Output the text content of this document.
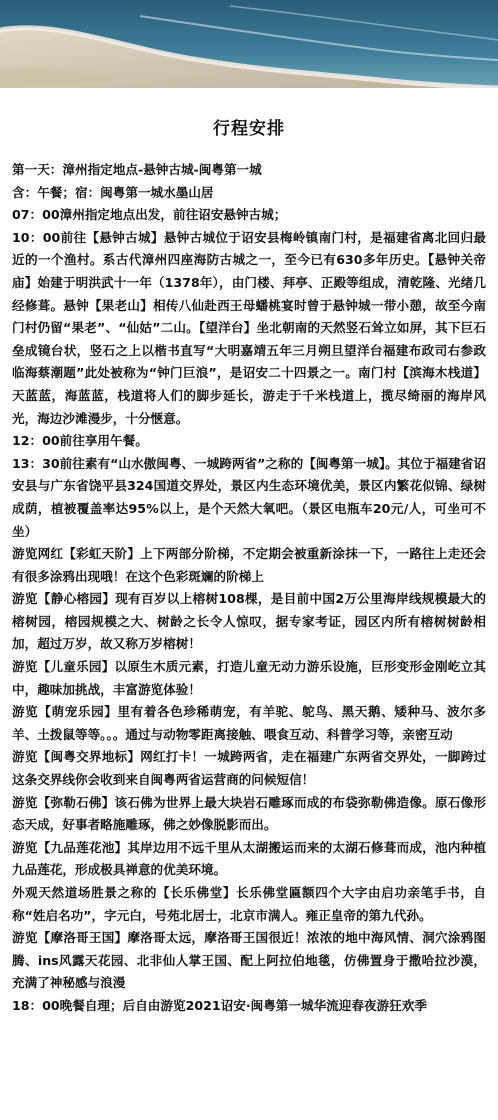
行程安排

第一天：漳州指定地点-悬钟古城-闽粤第一城

含：午餐；宿：闽粤第一城水墨山居

07：00漳州指定地点出发，前往诏安悬钟古城；

10：00前往【悬钟古城】悬钟古城位于诏安县梅岭镇南门村，是福建省离北回归最近的一个渔村。系古代漳州四座海防古城之一，至今已有630多年历史。【悬钟关帝庙】始建于明洪武十一年（1378年），由门楼、拜亭、正殿等组成，清乾隆、光绪几经修葺。悬钟【果老山】相传八仙赴西王母蟠桃宴时曾于悬钟城一带小憩，故至今南门村仍留“果老”、“仙姑”二山。【望洋台】坐北朝南的天然竖石耸立如屏，其下巨石垒成镜台状，竖石之上以楷书直写“大明嘉靖五年三月朔旦望洋台福建布政司右参政临海蔡潮题”此处被称为“钟门巨浪”，是诏安二十四景之一。南门村【滨海木栈道】天蓝蓝，海蓝蓝，栈道将人们的脚步延长，游走于千米栈道上，揽尽绮丽的海岸风光，海边沙滩漫步，十分惬意。

12：00前往享用午餐。

13：30前往素有“山水傲闽粤、一城跨两省”之称的【闽粤第一城】。其位于福建省诏安县与广东省饶平县324国道交界处，景区内生态环境优美，景区内繁花似锦、绿树成荫，植被覆盖率达95%以上，是个天然大氧吧。（景区电瓶车20元/人，可坐可不坐）

游览网红【彩虹天阶】上下两部分阶梯，不定期会被重新涂抹一下，一路往上走还会有很多涂鸦出现哦！在这个色彩斑斓的阶梯上

游览【静心榕园】现有百岁以上榕树108棵，是目前中国2万公里海岸线规模最大的榕树园，榕园规模之大、树龄之长令人惊叹，据专家考证，园区内所有榕树树龄相加，超过万岁，故又称万岁榕树！

游览【儿童乐园】以原生木质元素，打造儿童无动力游乐设施，巨形变形金刚屹立其中，趣味加挑战，丰富游览体验！

游览【萌宠乐园】里有着各色珍稀萌宠，有羊驼、鸵鸟、黑天鹅、矮种马、波尔多羊、土拨鼠等等。。。通过与动物零距离接触、喂食互动、科普学习等，亲密互动

游览【闽粤交界地标】网红打卡！一城跨两省，走在福建广东两省交界处，一脚跨过这条交界线你会收到来自闽粤两省运营商的问候短信！

游览【弥勒石佛】该石佛为世界上最大块岩石雕琢而成的布袋弥勒佛造像。原石像形态天成，好事者略施雕琢，佛之妙像脱影而出。

游览【九品莲花池】其岸边用不远千里从太湖搬运而来的太湖石修葺而成，池内种植九品莲花，形成极具禅意的优美环境。

外观天然道场胜景之称的【长乐佛堂】长乐佛堂匾额四个大字由启功亲笔手书，自称“姓启名功”，字元白，号苑北居士，北京市满人。雍正皇帝的第九代孙。

游览【摩洛哥王国】摩洛哥太远，摩洛哥王国很近！浓浓的地中海风情、洞穴涂鸦图腾、ins风露天花园、北非仙人掌王国、配上阿拉伯地毯，仿佛置身于撒哈拉沙漠，充满了神秘感与浪漫

18：00晚餐自理；后自由游览2021诏安·闽粤第一城华流迎春夜游狂欢季
